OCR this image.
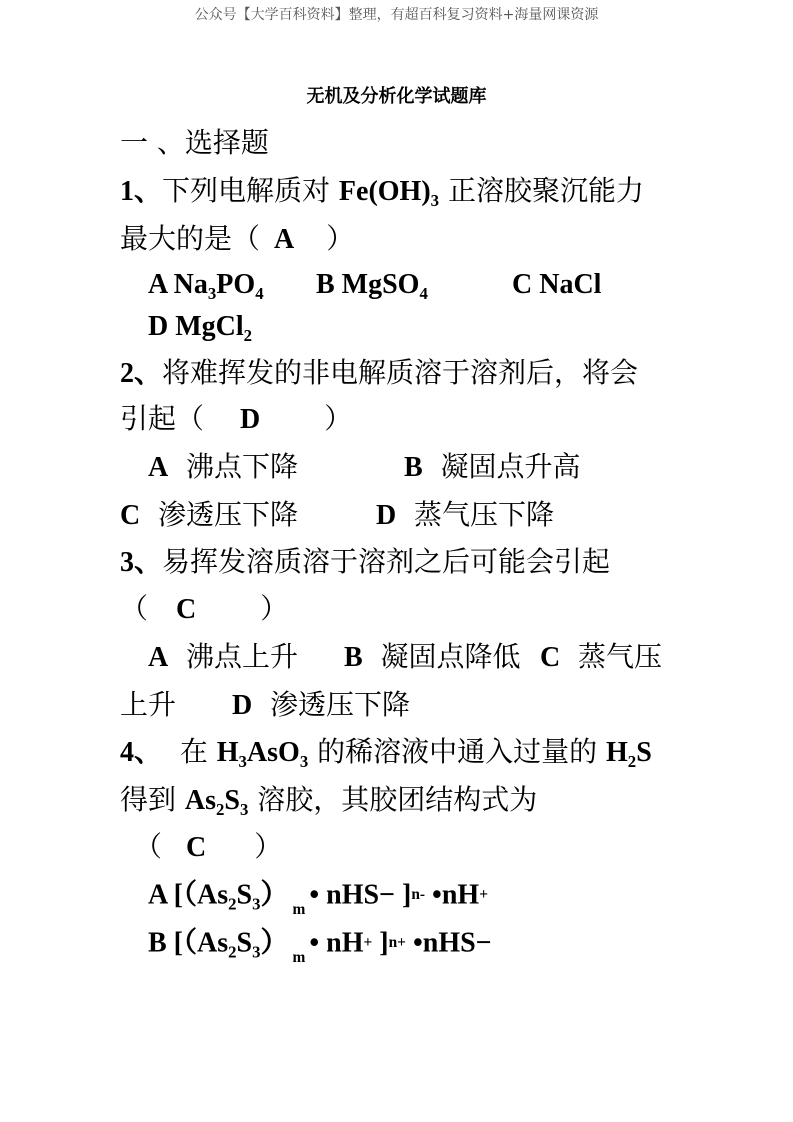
公众号【大学百科资料】整理，有超百科复习资料+海量网课资源
无机及分析化学试题库
一 、选择题
1、下列电解质对 $Fe(OH)_3$ 正溶胶聚沉能力
最大的是（ A ）
A $Na_3PO_4$ B MgSO$_4$	C NaCl
D MgCl$_2$
2、将难挥发的非电解质溶于溶剂后，将会
引起（ D ）
A 沸点下降	B 凝固点升高
C 渗透压下降	D 蒸气压下降
3、易挥发溶质溶于溶剂之后可能会引起
（ C ）
A 沸点上升 B 凝固点降低 C 蒸气压
上升 D 渗透压下降
4、 在 $H_3AsO_3$ 的稀溶液中通入过量的 $H_2S$
得到 $As_2S_3$ 溶胶，其胶团结构式为
（ C ）
A [$(As_2S_3)$ $_m$ • nHS− ]$^{n-}$ •nH+
B [$(As_2S_3)$ $_m$ • nH+ ]$^{n+}$ •nHS−
